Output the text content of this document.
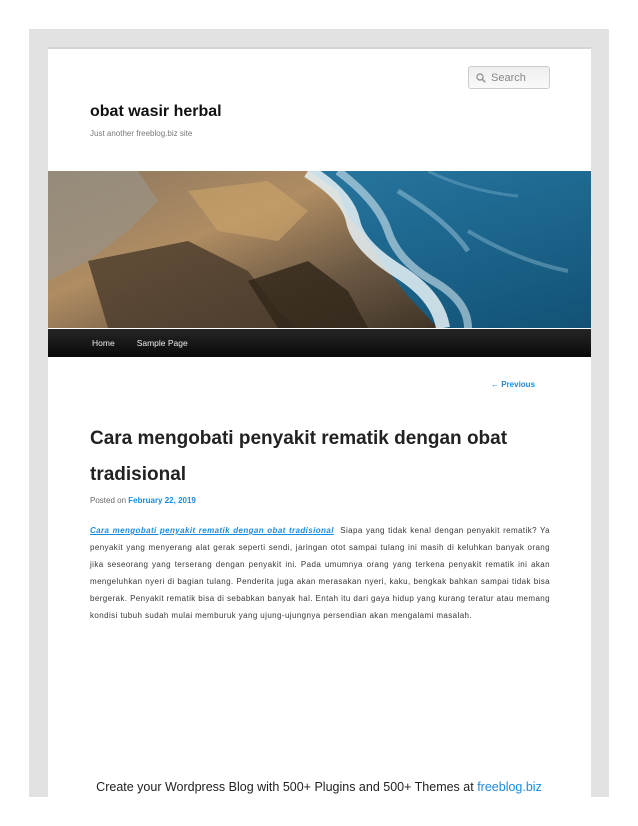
Search
obat wasir herbal
Just another freeblog.biz site
Home	Sample Page
← Previous
Cara mengobati penyakit rematik dengan obat tradisional
Posted on February 22, 2019
Cara mengobati penyakit rematik dengan obat tradisional Siapa yang tidak kenal dengan penyakit rematik? Ya penyakit yang menyerang alat gerak seperti sendi, jaringan otot sampai tulang ini masih di keluhkan banyak orang jika seseorang yang terserang dengan penyakit ini. Pada umumnya orang yang terkena penyakit rematik ini akan mengeluhkan nyeri di bagian tulang. Penderita juga akan merasakan nyeri, kaku, bengkak bahkan sampai tidak bisa bergerak. Penyakit rematik bisa di sebabkan banyak hal. Entah itu dari gaya hidup yang kurang teratur atau memang kondisi tubuh sudah mulai memburuk yang ujung-ujungnya persendian akan mengalami masalah.
Create your Wordpress Blog with 500+ Plugins and 500+ Themes at freeblog.biz
